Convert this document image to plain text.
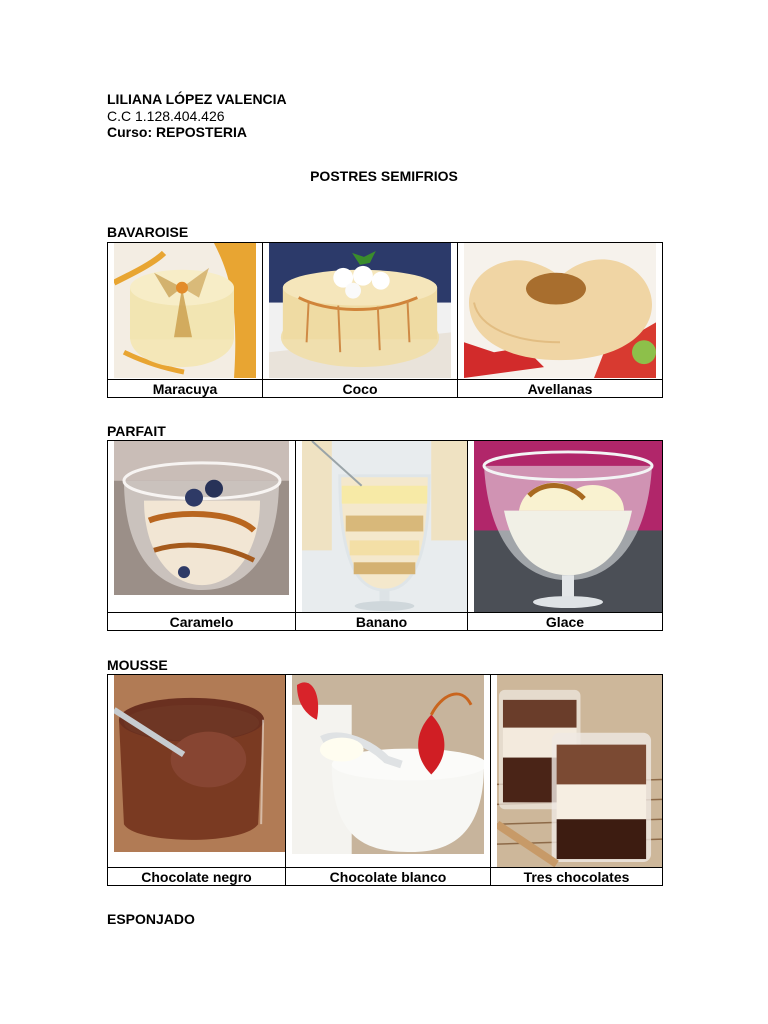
LILIANA LÓPEZ VALENCIA
C.C 1.128.404.426
Curso: REPOSTERIA
POSTRES SEMIFRIOS
BAVAROISE

Maracuya	Coco	Avellanas
PARFAIT

Caramelo	Banano	Glace
MOUSSE

Chocolate negro	Chocolate blanco	Tres chocolates
ESPONJADO
